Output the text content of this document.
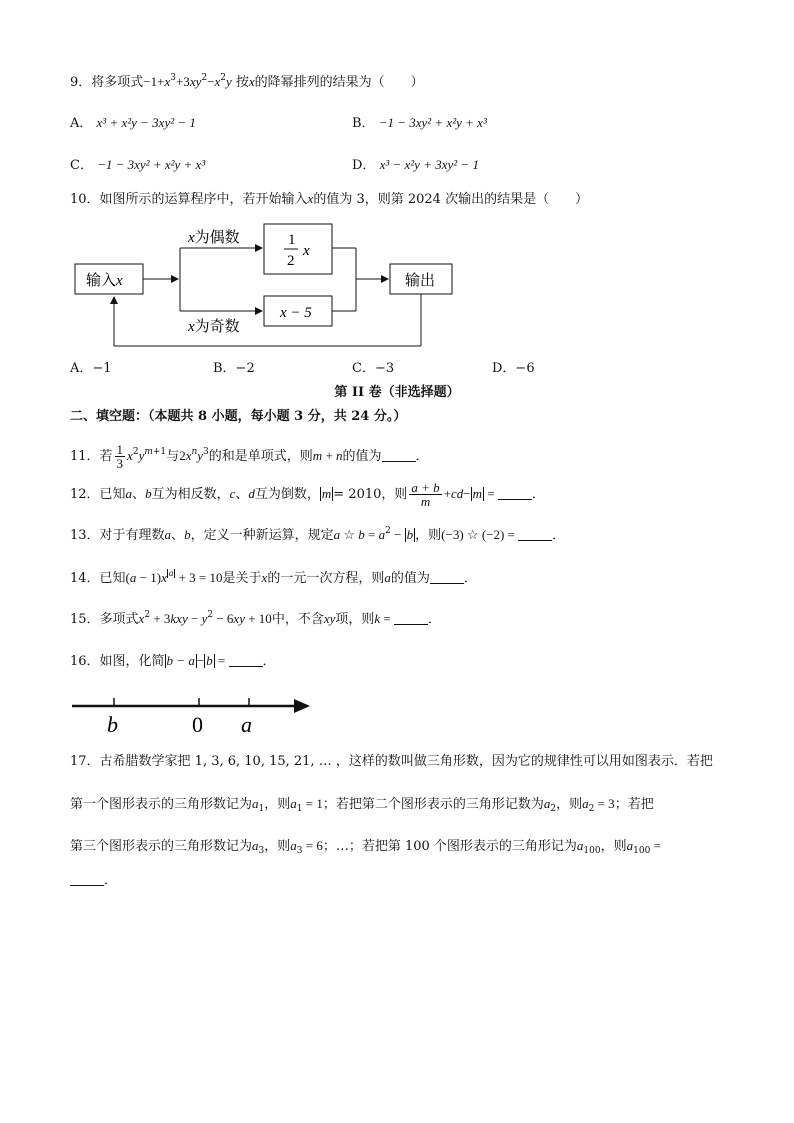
9．将多项式$-1+x^3+3xy^2-x^2y$ 按x的降幂排列的结果为（　　）
A． x³ + x²y − 3xy² − 1	B． −1 − 3xy² + x²y + x³
C． −1 − 3xy² + x²y + x³	D． x³ − x²y + 3xy² − 1
10．如图所示的运算程序中，若开始输入x的值为 3，则第 2024 次输出的结果是（　　）
输入x
x为偶数
x为奇数
1
2
x
x − 5
输出
A．−1	B．−2	C．−3	D．−6
第 II 卷（非选择题）
二、填空题：（本题共 8 小题，每小题 3 分，共 24 分。）
11．若 $\frac{1}{3} x^2y^{m+1}$与$2x^ny^3$的和是单项式，则m + n的值为	．
12．已知a、b互为相反数，c、d互为倒数， m = 2010，则 $\frac{a + b}{m} +cd- m$ =	．
13．对于有理数a、b，定义一种新运算，规定a ☆ $b = a^2 - b$ ，则(−3) ☆ (−2) =	．
14．已知(a − 1)x $^a$ + 3 = 10是关于x的一元一次方程，则a的值为	．
15．多项式$x^2 + 3kxy - y^2 - 6xy + 10$中，不含xy项，则k =	．
16．如图，化简 b − a − b =	．
b	0 a
17．古希腊数学家把 1, 3, 6, 10, 15, 21, … ，这样的数叫做三角形数，因为它的规律性可以用如图表示．若把
第一个图形表示的三角形数记为$a_1$，则$a_1 = 1$；若把第二个图形表示的三角形记数为$a_2$，则$a_2 = 3$；若把
第三个图形表示的三角形数记为$a_3$，则$a_3 = 6$；…；若把第 100 个图形表示的三角形记为$a_{100}$，则$a_{100}$ =
．
